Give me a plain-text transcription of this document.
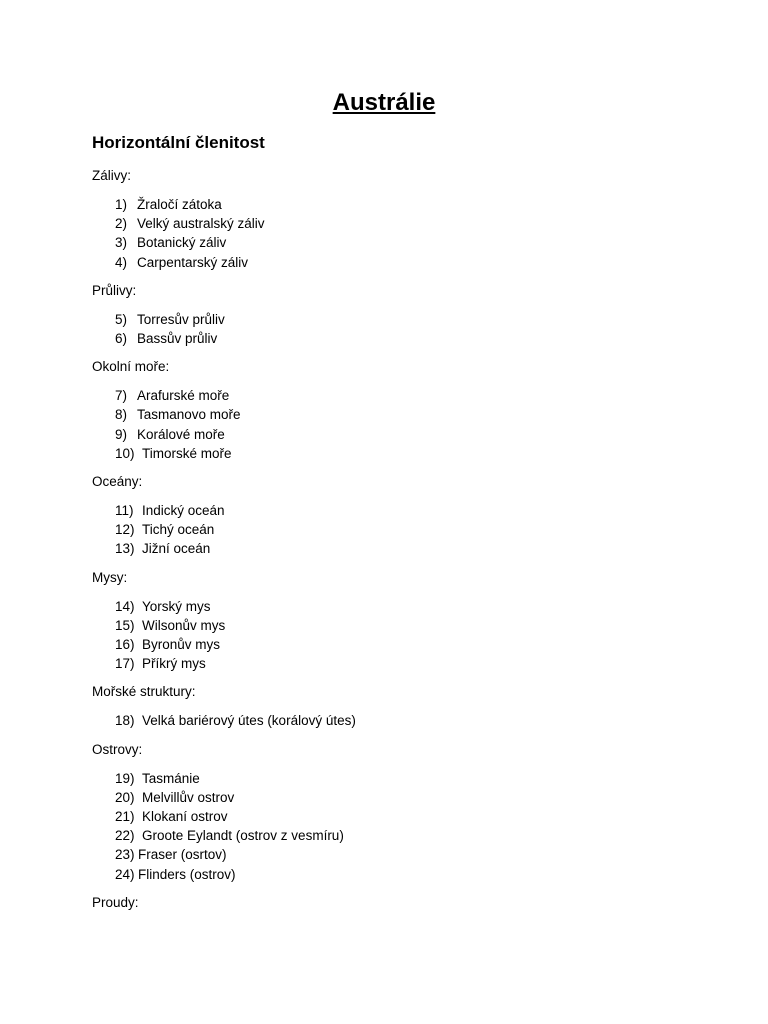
Austrálie
Horizontální členitost

Zálivy:

1) Žraločí zátoka
2) Velký australský záliv
3) Botanický záliv
4) Carpentarský záliv

Průlivy:

5) Torresův průliv
6) Bassův průliv

Okolní moře:

7) Arafurské moře
8) Tasmanovo moře
9) Korálové moře
10) Timorské moře

Oceány:

11) Indický oceán
12) Tichý oceán
13) Jižní oceán

Mysy:

14) Yorský mys
15) Wilsonův mys
16) Byronův mys
17) Příkrý mys

Mořské struktury:

18) Velká bariérový útes (korálový útes)

Ostrovy:

19) Tasmánie
20) Melvillův ostrov
21) Klokaní ostrov
22) Groote Eylandt (ostrov z vesmíru)
23) Fraser (osrtov)
24) Flinders (ostrov)

Proudy:
